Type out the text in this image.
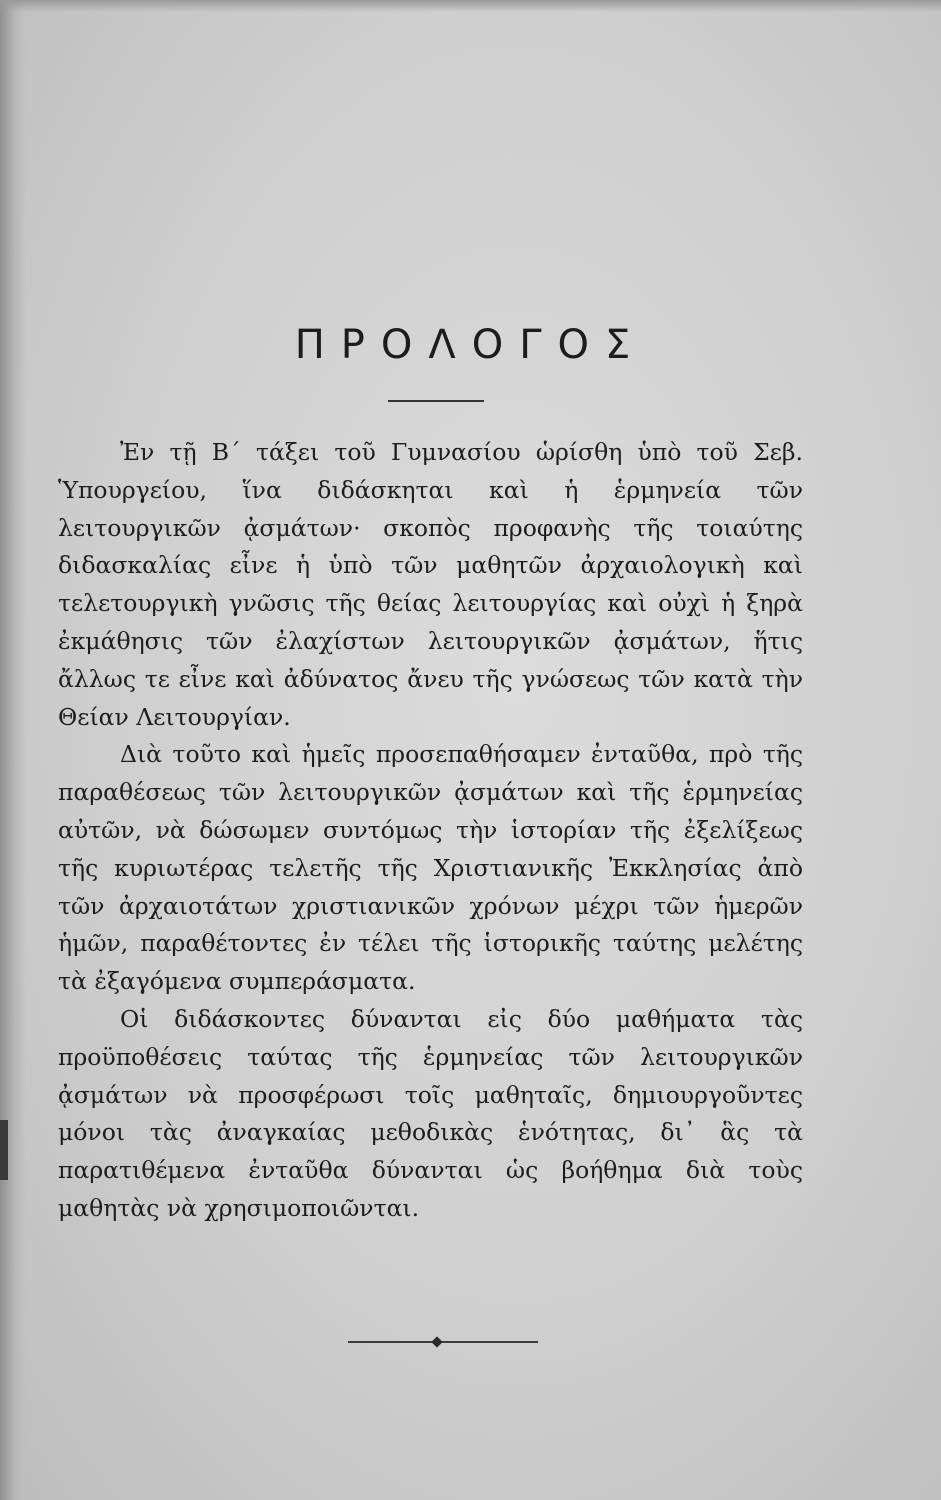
ΠΡΟΛΟΓΟΣ

Ἐν τῇ Β΄ τάξει τοῦ Γυμνασίου ὡρίσθη ὑπὸ τοῦ Σεβ. Ὑπουργείου, ἵνα διδάσκηται καὶ ἡ ἑρμηνεία τῶν λειτουργικῶν ᾀσμάτων· σκοπὸς προφανὴς τῆς τοιαύτης διδασκαλίας εἶνε ἡ ὑπὸ τῶν μαθητῶν ἀρχαιολογικὴ καὶ τελετουργικὴ γνῶσις τῆς θείας λειτουργίας καὶ οὐχὶ ἡ ξηρὰ ἐκμάθησις τῶν ἐλαχίστων λειτουργικῶν ᾀσμάτων, ἥτις ἄλλως τε εἶνε καὶ ἀδύνατος ἄνευ τῆς γνώσεως τῶν κατὰ τὴν Θείαν Λειτουργίαν.

Διὰ τοῦτο καὶ ἡμεῖς προσεπαθήσαμεν ἐνταῦθα, πρὸ τῆς παραθέσεως τῶν λειτουργικῶν ᾀσμάτων καὶ τῆς ἑρμηνείας αὐτῶν, νὰ δώσωμεν συντόμως τὴν ἱστορίαν τῆς ἐξελίξεως τῆς κυριωτέρας τελετῆς τῆς Χριστιανικῆς Ἐκκλησίας ἀπὸ τῶν ἀρχαιοτάτων χριστιανικῶν χρόνων μέχρι τῶν ἡμερῶν ἡμῶν, παραθέτοντες ἐν τέλει τῆς ἱστορικῆς ταύτης μελέτης τὰ ἐξαγόμενα συμπεράσματα.

Οἱ διδάσκοντες δύνανται εἰς δύο μαθήματα τὰς προϋποθέσεις ταύτας τῆς ἑρμηνείας τῶν λειτουργικῶν ᾀσμάτων νὰ προσφέρωσι τοῖς μαθηταῖς, δημιουργοῦντες μόνοι τὰς ἀναγκαίας μεθοδικὰς ἑνότητας, δι᾿ ἃς τὰ παρατιθέμενα ἐνταῦθα δύνανται ὡς βοήθημα διὰ τοὺς μαθητὰς νὰ χρησιμοποιῶνται.
